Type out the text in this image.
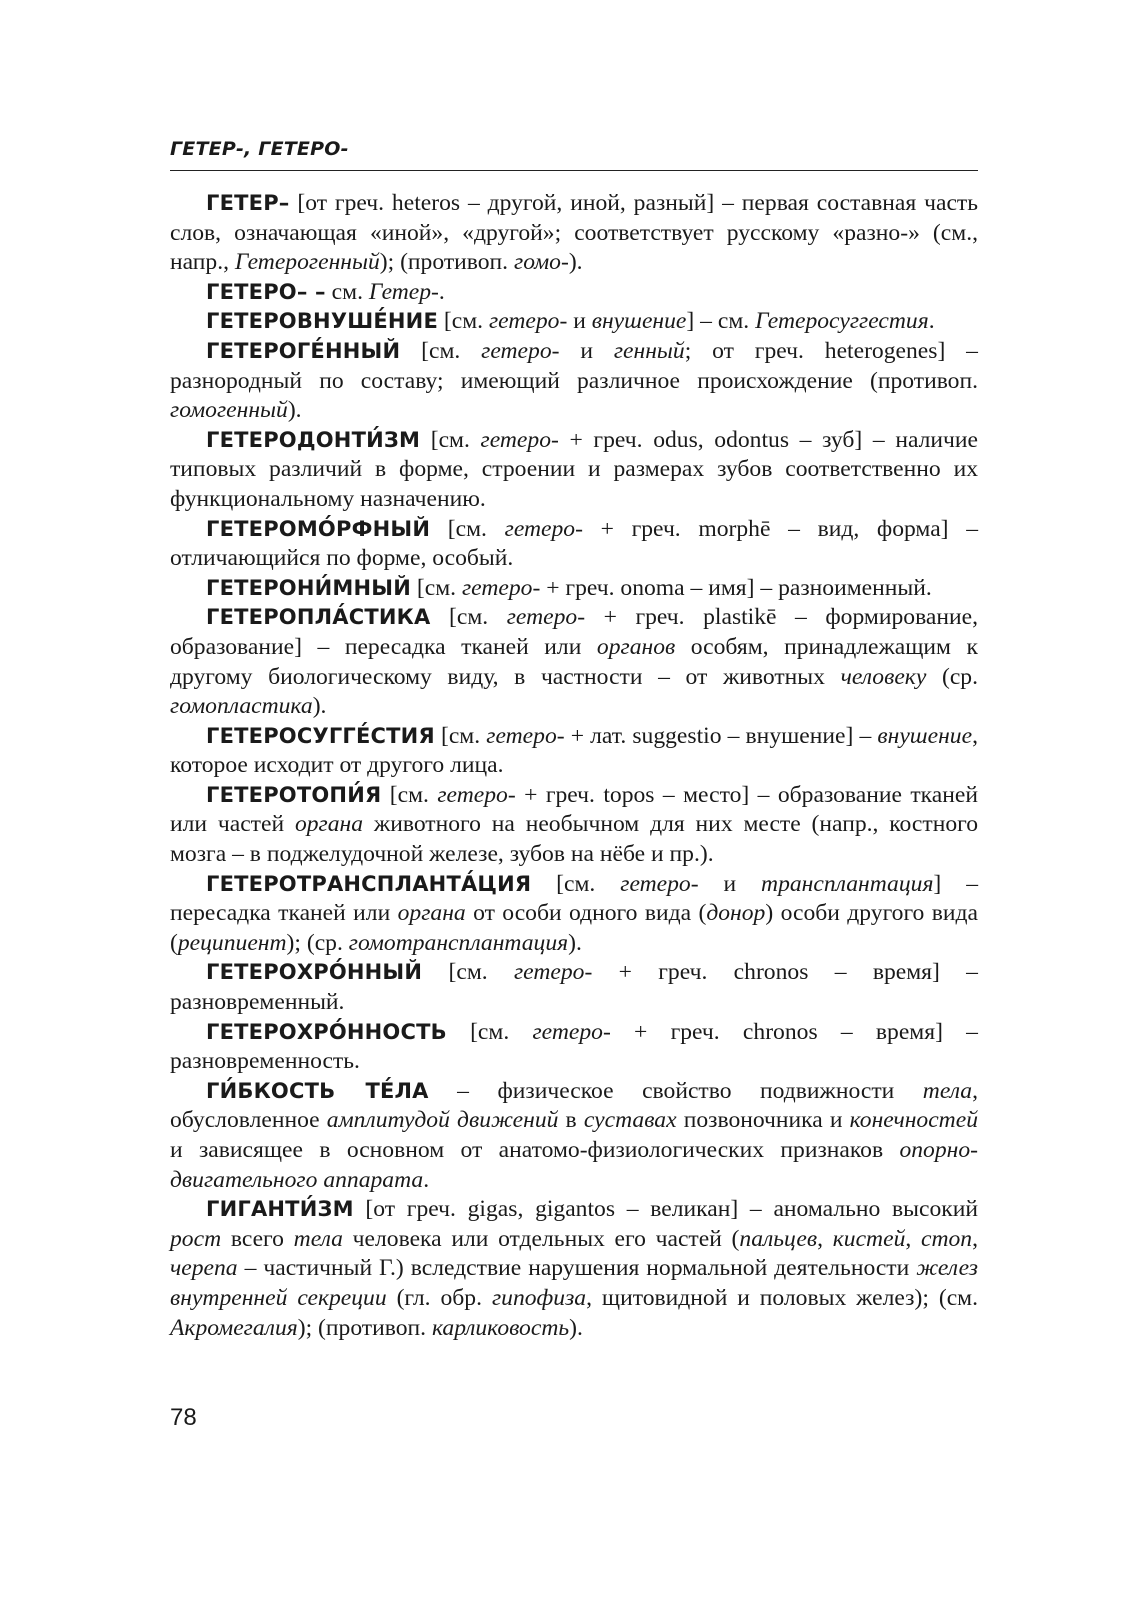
ГЕТЕР-, ГЕТЕРО-

ГЕТЕР– [от греч. heteros – другой, иной, разный] – первая составная часть слов, означающая «иной», «другой»; соответствует русскому «разно-» (см., напр., Гетерогенный); (противоп. гомо-).

ГЕТЕРО– – см. Гетер-.

ГЕТЕРОВНУШЕ́НИЕ [см. гетеро- и внушение] – см. Гетеросуггестия.

ГЕТЕРОГЕ́ННЫЙ [см. гетеро- и генный; от греч. heterogenes] – разнородный по составу; имеющий различное происхождение (противоп. гомогенный).

ГЕТЕРОДОНТИ́ЗМ [см. гетеро- + греч. odus, odontus – зуб] – наличие типовых различий в форме, строении и размерах зубов соответственно их функциональному назначению.

ГЕТЕРОМО́РФНЫЙ [см. гетеро- + греч. morphē – вид, форма] – отличающийся по форме, особый.

ГЕТЕРОНИ́МНЫЙ [см. гетеро- + греч. onoma – имя] – разноименный.

ГЕТЕРОПЛА́СТИКА [см. гетеро- + греч. plastikē – формирование, образование] – пересадка тканей или органов особям, принадлежащим к другому биологическому виду, в частности – от животных человеку (ср. гомопластика).

ГЕТЕРОСУГГЕ́СТИЯ [см. гетеро- + лат. suggestio – внушение] – внушение, которое исходит от другого лица.

ГЕТЕРОТОПИ́Я [см. гетеро- + греч. topos – место] – образование тканей или частей органа животного на необычном для них месте (напр., костного мозга – в поджелудочной железе, зубов на нёбе и пр.).

ГЕТЕРОТРАНСПЛАНТА́ЦИЯ [см. гетеро- и трансплантация] – пересадка тканей или органа от особи одного вида (донор) особи другого вида (реципиент); (ср. гомотрансплантация).

ГЕТЕРОХРО́ННЫЙ [см. гетеро- + греч. chronos – время] – разновременный.

ГЕТЕРОХРО́ННОСТЬ [см. гетеро- + греч. chronos – время] – разновременность.

ГИ́БКОСТЬ ТЕ́ЛА – физическое свойство подвижности тела, обусловленное амплитудой движений в суставах позвоночника и конечностей и зависящее в основном от анатомо-физиологических признаков опорно-двигательного аппарата.

ГИГАНТИ́ЗМ [от греч. gigas, gigantos – великан] – аномально высокий рост всего тела человека или отдельных его частей (пальцев, кистей, стоп, черепа – частичный Г.) вследствие нарушения нормальной деятельности желез внутренней секреции (гл. обр. гипофиза, щитовидной и половых желез); (см. Акромегалия); (противоп. карликовость).

78
